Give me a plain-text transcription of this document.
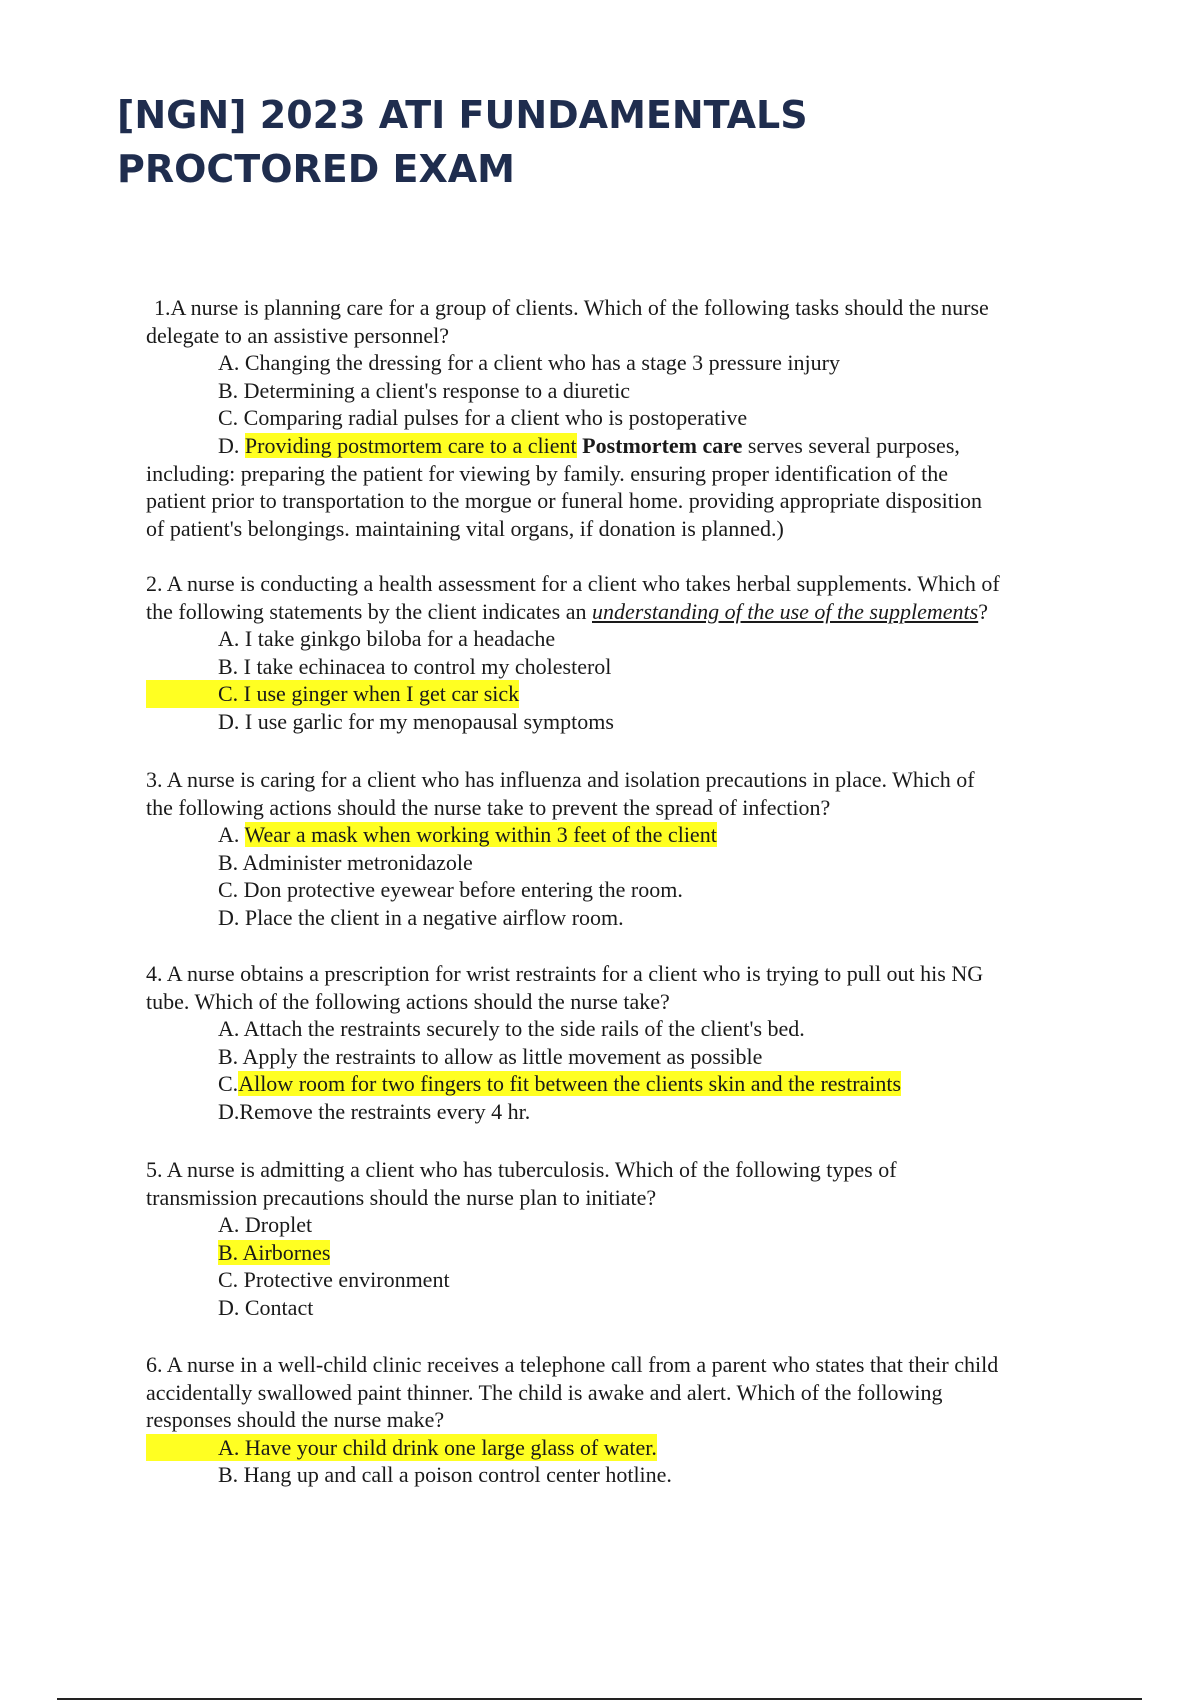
[NGN] 2023 ATI FUNDAMENTALS
PROCTORED EXAM
1.A nurse is planning care for a group of clients. Which of the following tasks should the nurse
delegate to an assistive personnel?
A. Changing the dressing for a client who has a stage 3 pressure injury
B. Determining a client's response to a diuretic
C. Comparing radial pulses for a client who is postoperative
D. Providing postmortem care to a client Postmortem care serves several purposes,
including: preparing the patient for viewing by family. ensuring proper identification of the
patient prior to transportation to the morgue or funeral home. providing appropriate disposition
of patient's belongings. maintaining vital organs, if donation is planned.)
2. A nurse is conducting a health assessment for a client who takes herbal supplements. Which of
the following statements by the client indicates an understanding of the use of the supplements?
A. I take ginkgo biloba for a headache
B. I take echinacea to control my cholesterol
C. I use ginger when I get car sick
D. I use garlic for my menopausal symptoms
3. A nurse is caring for a client who has influenza and isolation precautions in place. Which of
the following actions should the nurse take to prevent the spread of infection?
A. Wear a mask when working within 3 feet of the client
B. Administer metronidazole
C. Don protective eyewear before entering the room.
D. Place the client in a negative airflow room.
4. A nurse obtains a prescription for wrist restraints for a client who is trying to pull out his NG
tube. Which of the following actions should the nurse take?
A. Attach the restraints securely to the side rails of the client's bed.
B. Apply the restraints to allow as little movement as possible
C.Allow room for two fingers to fit between the clients skin and the restraints
D.Remove the restraints every 4 hr.
5. A nurse is admitting a client who has tuberculosis. Which of the following types of
transmission precautions should the nurse plan to initiate?
A. Droplet
B. Airbornes
C. Protective environment
D. Contact
6. A nurse in a well-child clinic receives a telephone call from a parent who states that their child
accidentally swallowed paint thinner. The child is awake and alert. Which of the following
responses should the nurse make?
A. Have your child drink one large glass of water.
B. Hang up and call a poison control center hotline.
